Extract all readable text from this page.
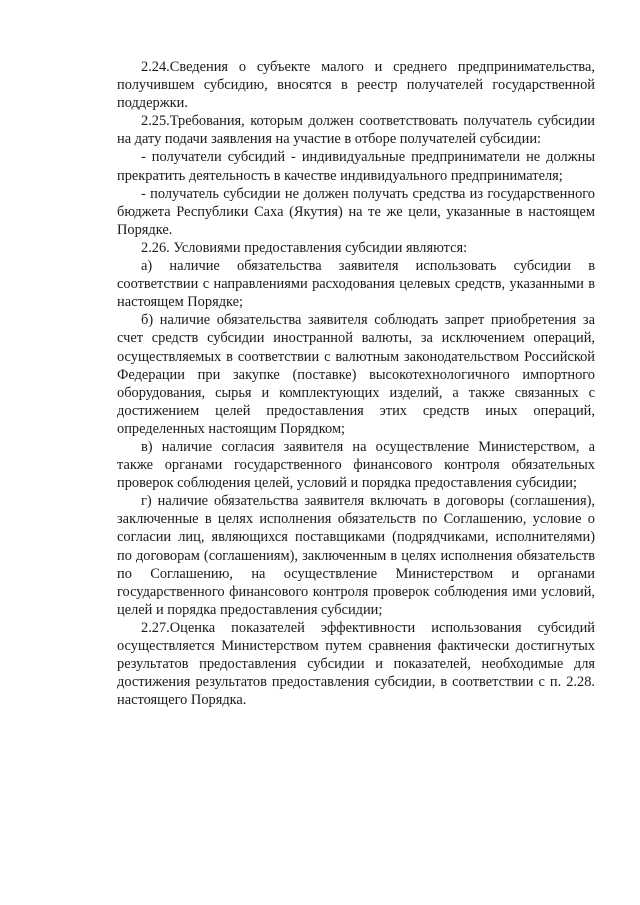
2.24.Сведения о субъекте малого и среднего предпринимательства, получившем субсидию, вносятся в реестр получателей государственной поддержки.

2.25.Требования, которым должен соответствовать получатель субсидии на дату подачи заявления на участие в отборе получателей субсидии:

- получатели субсидий - индивидуальные предприниматели не должны прекратить деятельность в качестве индивидуального предпринимателя;

- получатель субсидии не должен получать средства из государственного бюджета Республики Саха (Якутия) на те же цели, указанные в настоящем Порядке.

2.26. Условиями предоставления субсидии являются:

а) наличие обязательства заявителя использовать субсидии в соответствии с направлениями расходования целевых средств, указанными в настоящем Порядке;

б) наличие обязательства заявителя соблюдать запрет приобретения за счет средств субсидии иностранной валюты, за исключением операций, осуществляемых в соответствии с валютным законодательством Российской Федерации при закупке (поставке) высокотехнологичного импортного оборудования, сырья и комплектующих изделий, а также связанных с достижением целей предоставления этих средств иных операций, определенных настоящим Порядком;

в) наличие согласия заявителя на осуществление Министерством, а также органами государственного финансового контроля обязательных проверок соблюдения целей, условий и порядка предоставления субсидии;

г) наличие обязательства заявителя включать в договоры (соглашения), заключенные в целях исполнения обязательств по Соглашению, условие о согласии лиц, являющихся поставщиками (подрядчиками, исполнителями) по договорам (соглашениям), заключенным в целях исполнения обязательств по Соглашению, на осуществление Министерством и органами государственного финансового контроля проверок соблюдения ими условий, целей и порядка предоставления субсидии;

2.27.Оценка показателей эффективности использования субсидий осуществляется Министерством путем сравнения фактически достигнутых результатов предоставления субсидии и показателей, необходимые для достижения результатов предоставления субсидии, в соответствии с п. 2.28. настоящего Порядка.
